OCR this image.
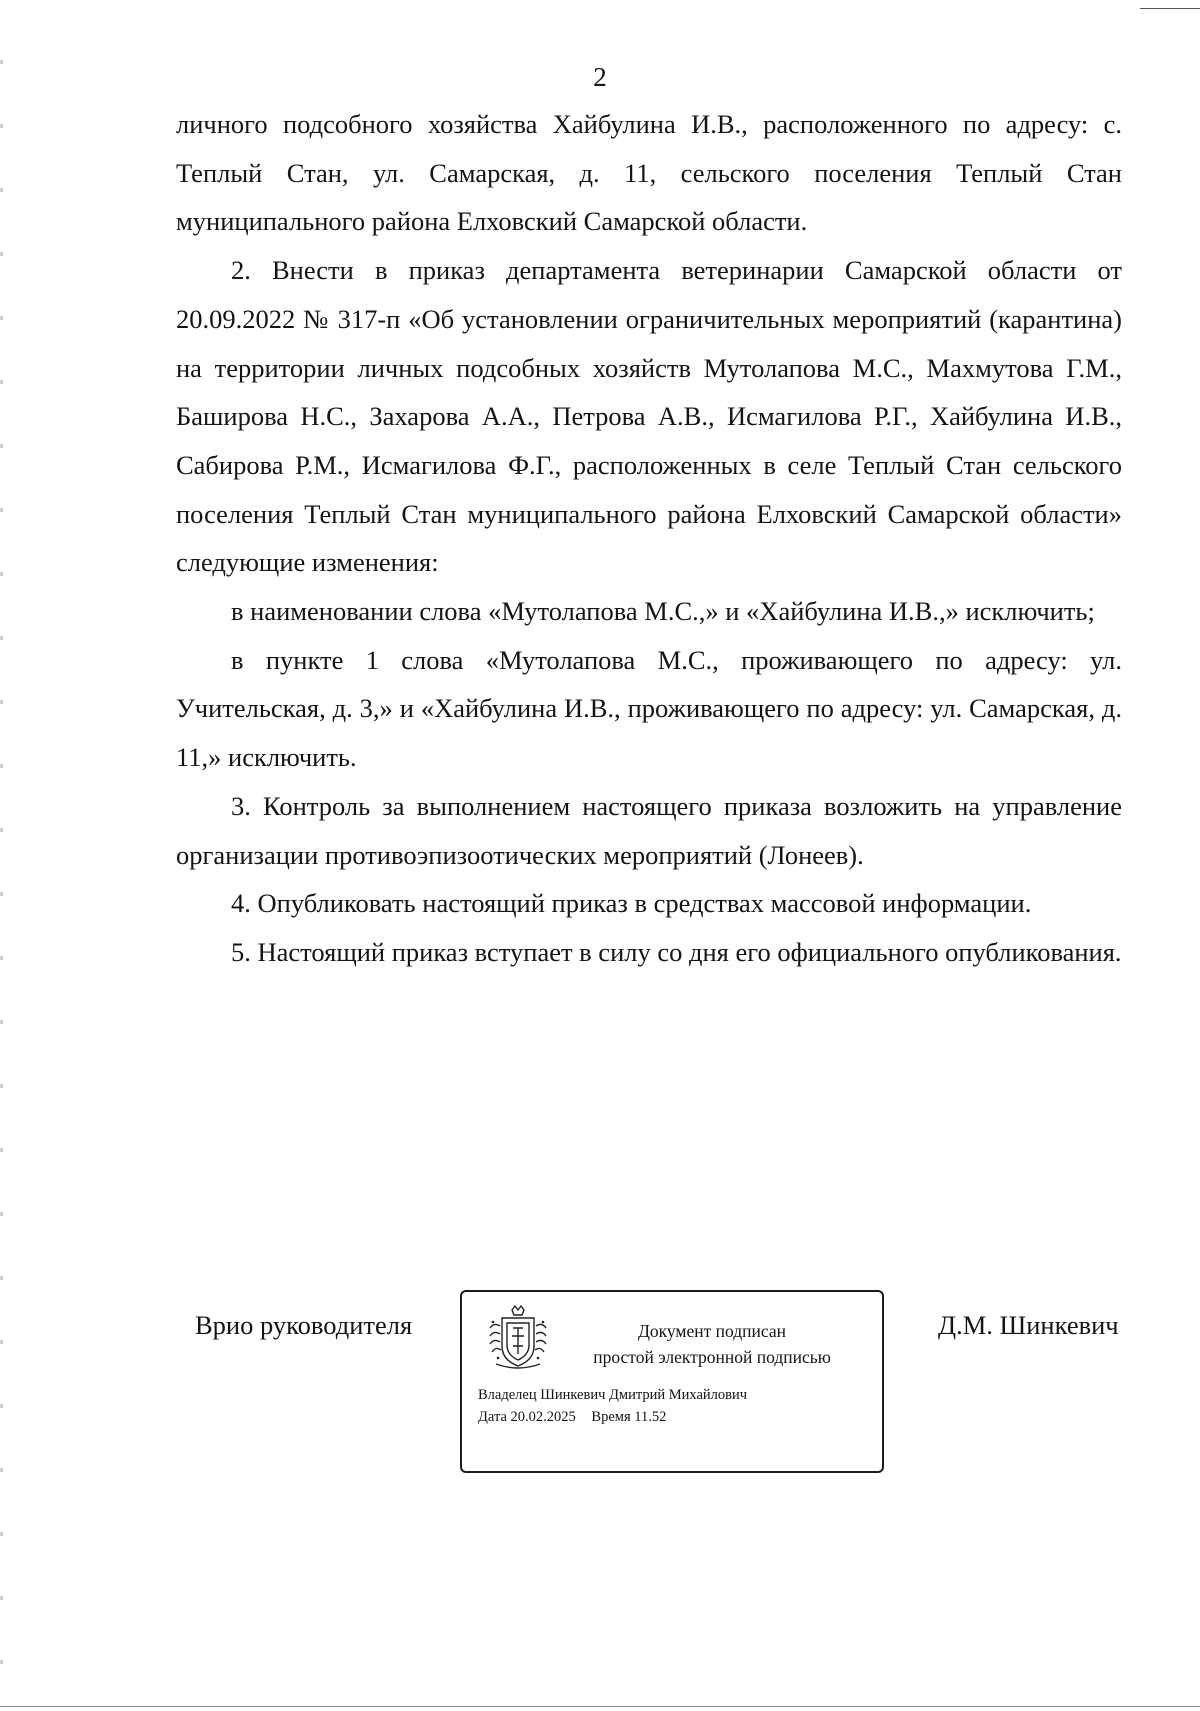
2

личного подсобного хозяйства Хайбулина И.В., расположенного по адресу: с. Теплый Стан, ул. Самарская, д. 11, сельского поселения Теплый Стан муниципального района Елховский Самарской области.

2. Внести в приказ департамента ветеринарии Самарской области от 20.09.2022 № 317-п «Об установлении ограничительных мероприятий (карантина) на территории личных подсобных хозяйств Мутолапова М.С., Махмутова Г.М., Баширова Н.С., Захарова А.А., Петрова А.В., Исмагилова Р.Г., Хайбулина И.В., Сабирова Р.М., Исмагилова Ф.Г., расположенных в селе Теплый Стан сельского поселения Теплый Стан муниципального района Елховский Самарской области» следующие изменения:

в наименовании слова «Мутолапова М.С.,» и «Хайбулина И.В.,» исключить;

в пункте 1 слова «Мутолапова М.С., проживающего по адресу: ул. Учительская, д. 3,» и «Хайбулина И.В., проживающего по адресу: ул. Самарская, д. 11,» исключить.

3. Контроль за выполнением настоящего приказа возложить на управление организации противоэпизоотических мероприятий (Лонеев).

4. Опубликовать настоящий приказ в средствах массовой информации.

5. Настоящий приказ вступает в силу со дня его официального опубликования.

Врио руководителя	Документ подписан
простой электронной подписью
Владелец Шинкевич Дмитрий Михайлович
Дата 20.02.2025 Время 11.52
Д.М. Шинкевич
